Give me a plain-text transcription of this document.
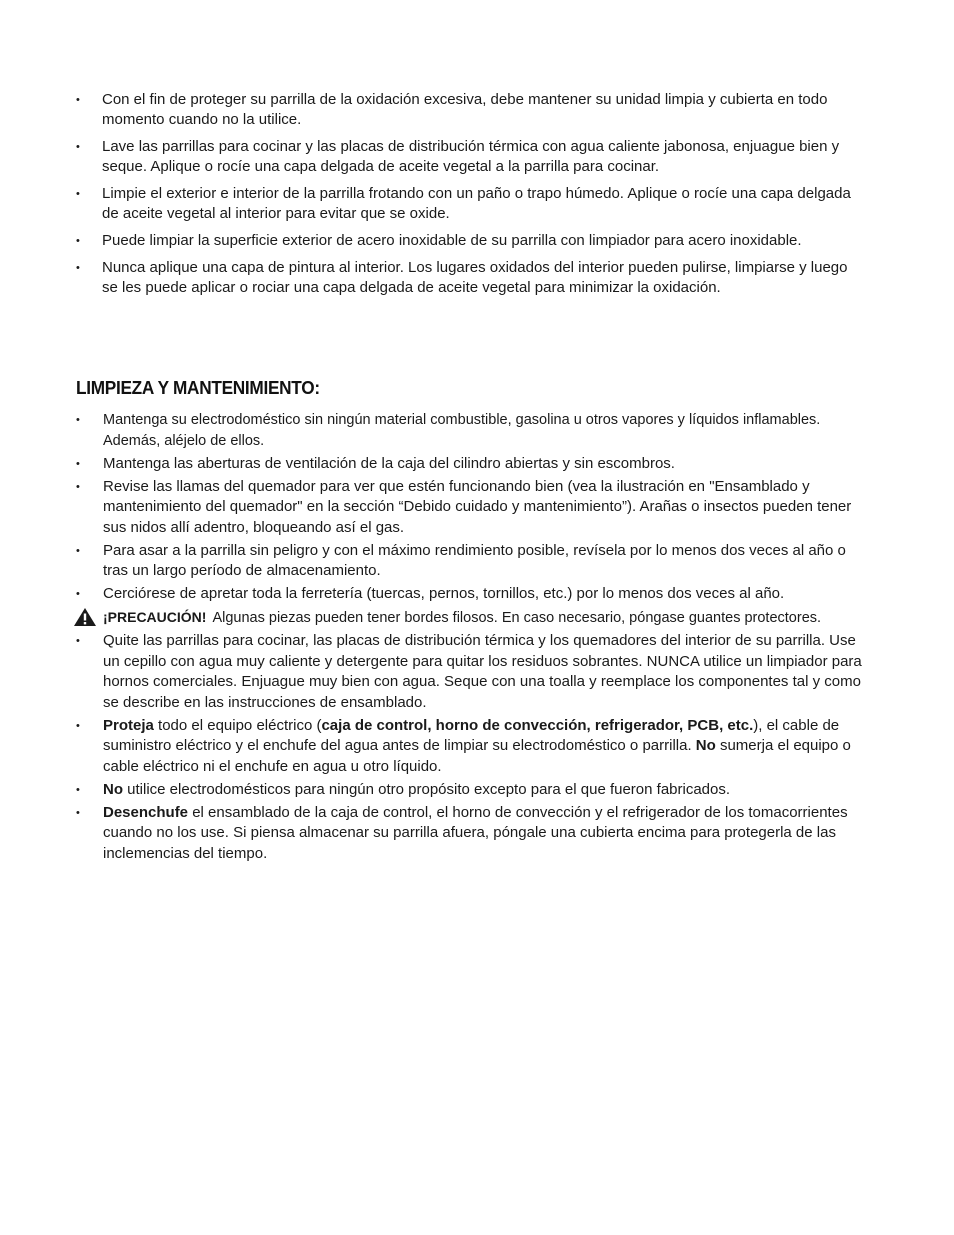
• Con el fin de proteger su parrilla de la oxidación excesiva, debe mantener su unidad limpia y cubierta en todo momento cuando no la utilice.
• Lave las parrillas para cocinar y las placas de distribución térmica con agua caliente jabonosa, enjuague bien y seque. Aplique o rocíe una capa delgada de aceite vegetal a la parrilla para cocinar.
• Limpie el exterior e interior de la parrilla frotando con un paño o trapo húmedo. Aplique o rocíe una capa delgada de aceite vegetal al interior para evitar que se oxide.
• Puede limpiar la superficie exterior de acero inoxidable de su parrilla con limpiador para acero inoxidable.
• Nunca aplique una capa de pintura al interior. Los lugares oxidados del interior pueden pulirse, limpiarse y luego se les puede aplicar o rociar una capa delgada de aceite vegetal para minimizar la oxidación.
LIMPIEZA Y MANTENIMIENTO:
• Mantenga su electrodoméstico sin ningún material combustible, gasolina u otros vapores y líquidos inflamables. Además, aléjelo de ellos.
• Mantenga las aberturas de ventilación de la caja del cilindro abiertas y sin escombros.
• Revise las llamas del quemador para ver que estén funcionando bien (vea la ilustración en "Ensamblado y mantenimiento del quemador" en la sección “Debido cuidado y mantenimiento”). Arañas o insectos pueden tener sus nidos allí adentro, bloqueando así el gas.
• Para asar a la parrilla sin peligro y con el máximo rendimiento posible, revísela por lo menos dos veces al año o tras un largo período de almacenamiento.
• Cerciórese de apretar toda la ferretería (tuercas, pernos, tornillos, etc.) por lo menos dos veces al año.
¡PRECAUCIÓN! Algunas piezas pueden tener bordes filosos. En caso necesario, póngase guantes protectores.
• Quite las parrillas para cocinar, las placas de distribución térmica y los quemadores del interior de su parrilla. Use un cepillo con agua muy caliente y detergente para quitar los residuos sobrantes. NUNCA utilice un limpiador para hornos comerciales. Enjuague muy bien con agua. Seque con una toalla y reemplace los componentes tal y como se describe en las instrucciones de ensamblado.
• Proteja todo el equipo eléctrico (caja de control, horno de convección, refrigerador, PCB, etc.), el cable de suministro eléctrico y el enchufe del agua antes de limpiar su electrodoméstico o parrilla. No sumerja el equipo o cable eléctrico ni el enchufe en agua u otro líquido.
• No utilice electrodomésticos para ningún otro propósito excepto para el que fueron fabricados.
• Desenchufe el ensamblado de la caja de control, el horno de convección y el refrigerador de los tomacorrientes cuando no los use. Si piensa almacenar su parrilla afuera, póngale una cubierta encima para protegerla de las inclemencias del tiempo.
